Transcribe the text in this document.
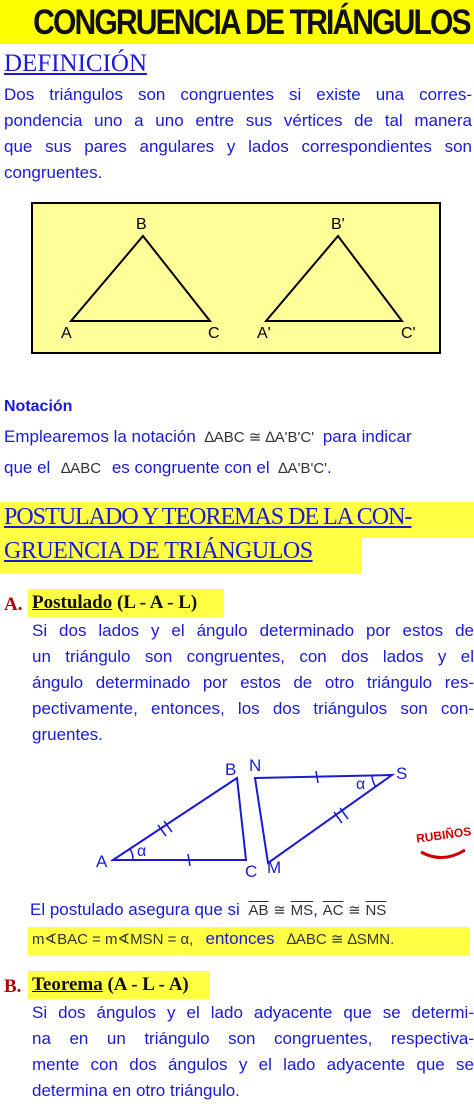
CONGRUENCIA DE TRIÁNGULOS
DEFINICIÓN
Dos triángulos son congruentes si existe una corres-
pondencia uno a uno entre sus vértices de tal manera
que sus pares angulares y lados correspondientes son
congruentes.
B
A	C
B'
A'	C'
Notación
Emplearemos la notación ∆ABC ≅ ∆A'B'C' para indicar
que el ∆ABC es congruente con el ∆A'B'C'.
POSTULADO Y TEOREMAS DE LA CON-
GRUENCIA DE TRIÁNGULOS
A. Postulado (L - A - L)
Si dos lados y el ángulo determinado por estos de
un triángulo son congruentes, con dos lados y el
ángulo determinado por estos de otro triángulo res-
pectivamente, entonces, los dos triángulos son con-
gruentes.
B N	S
A
C M
α
α
RUBIÑOS
El postulado asegura que si $\overline{AB}$ ≅ $\overline{MS}$, $\overline{AC}$ ≅ $\overline{NS}$
m∢BAC = m∢MSN = α, entonces ∆ABC ≅ ∆SMN.
B. Teorema (A - L - A)
Si dos ángulos y el lado adyacente que se determi-
na en un triángulo son congruentes, respectiva-
mente con dos ángulos y el lado adyacente que se
determina en otro triángulo.
